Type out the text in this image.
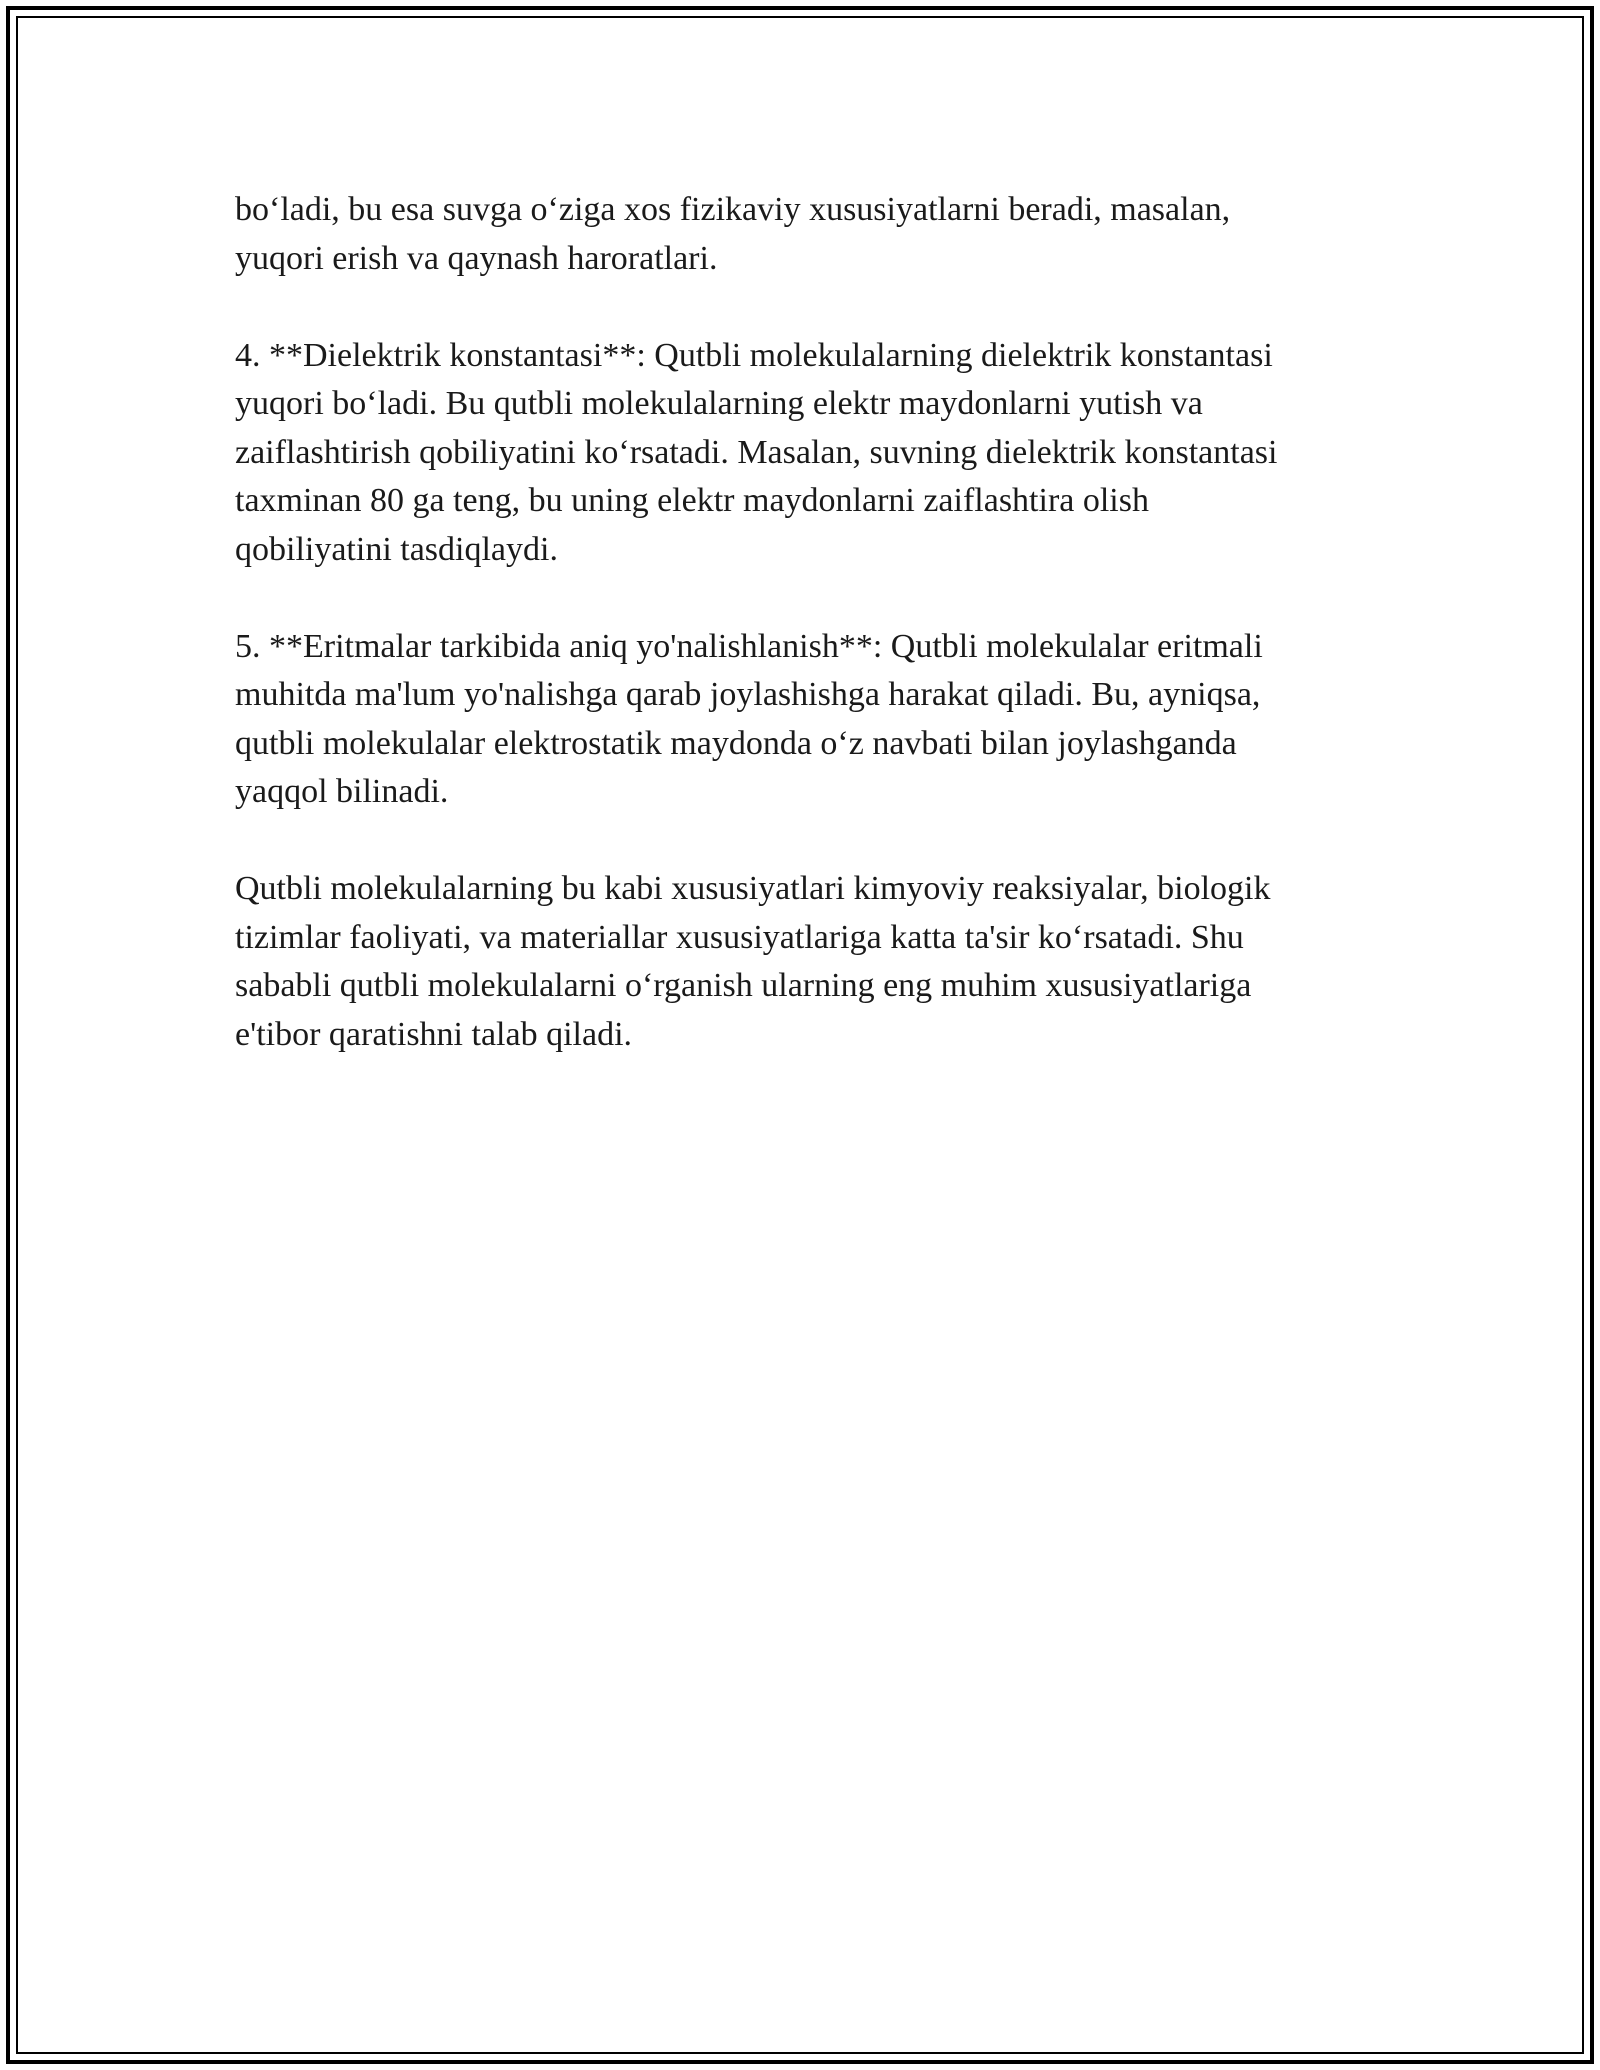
bo‘ladi, bu esa suvga o‘ziga xos fizikaviy xususiyatlarni beradi, masalan,
yuqori erish va qaynash haroratlari.

4. **Dielektrik konstantasi**: Qutbli molekulalarning dielektrik konstantasi
yuqori bo‘ladi. Bu qutbli molekulalarning elektr maydonlarni yutish va
zaiflashtirish qobiliyatini ko‘rsatadi. Masalan, suvning dielektrik konstantasi
taxminan 80 ga teng, bu uning elektr maydonlarni zaiflashtira olish
qobiliyatini tasdiqlaydi.

5. **Eritmalar tarkibida aniq yo'nalishlanish**: Qutbli molekulalar eritmali
muhitda ma'lum yo'nalishga qarab joylashishga harakat qiladi. Bu, ayniqsa,
qutbli molekulalar elektrostatik maydonda o‘z navbati bilan joylashganda
yaqqol bilinadi.

Qutbli molekulalarning bu kabi xususiyatlari kimyoviy reaksiyalar, biologik
tizimlar faoliyati, va materiallar xususiyatlariga katta ta'sir ko‘rsatadi. Shu
sababli qutbli molekulalarni o‘rganish ularning eng muhim xususiyatlariga
e'tibor qaratishni talab qiladi.
